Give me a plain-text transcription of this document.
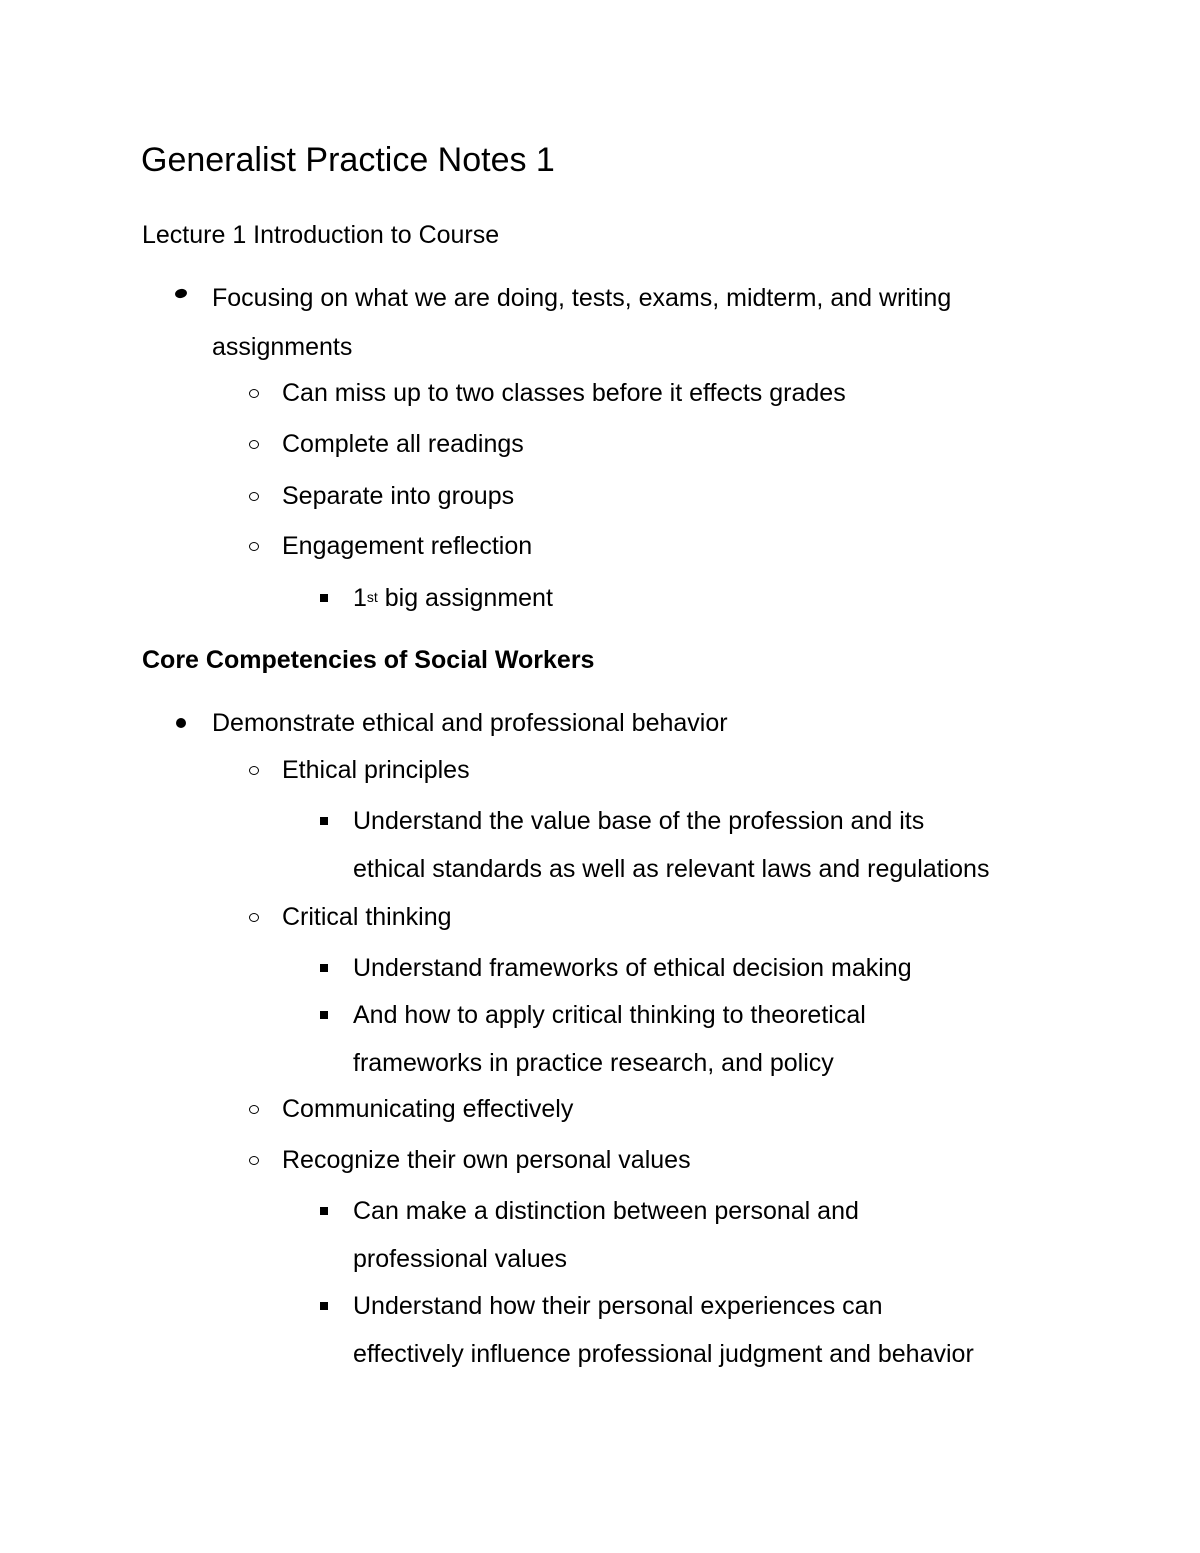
Generalist Practice Notes 1
Lecture 1 Introduction to Course
Focusing on what we are doing, tests, exams, midterm, and writing
assignments
Can miss up to two classes before it effects grades
Complete all readings
Separate into groups
Engagement reflection
1st big assignment
Core Competencies of Social Workers
Demonstrate ethical and professional behavior
Ethical principles
Understand the value base of the profession and its
ethical standards as well as relevant laws and regulations
Critical thinking
Understand frameworks of ethical decision making
And how to apply critical thinking to theoretical
frameworks in practice research, and policy
Communicating effectively
Recognize their own personal values
Can make a distinction between personal and
professional values
Understand how their personal experiences can
effectively influence professional judgment and behavior
